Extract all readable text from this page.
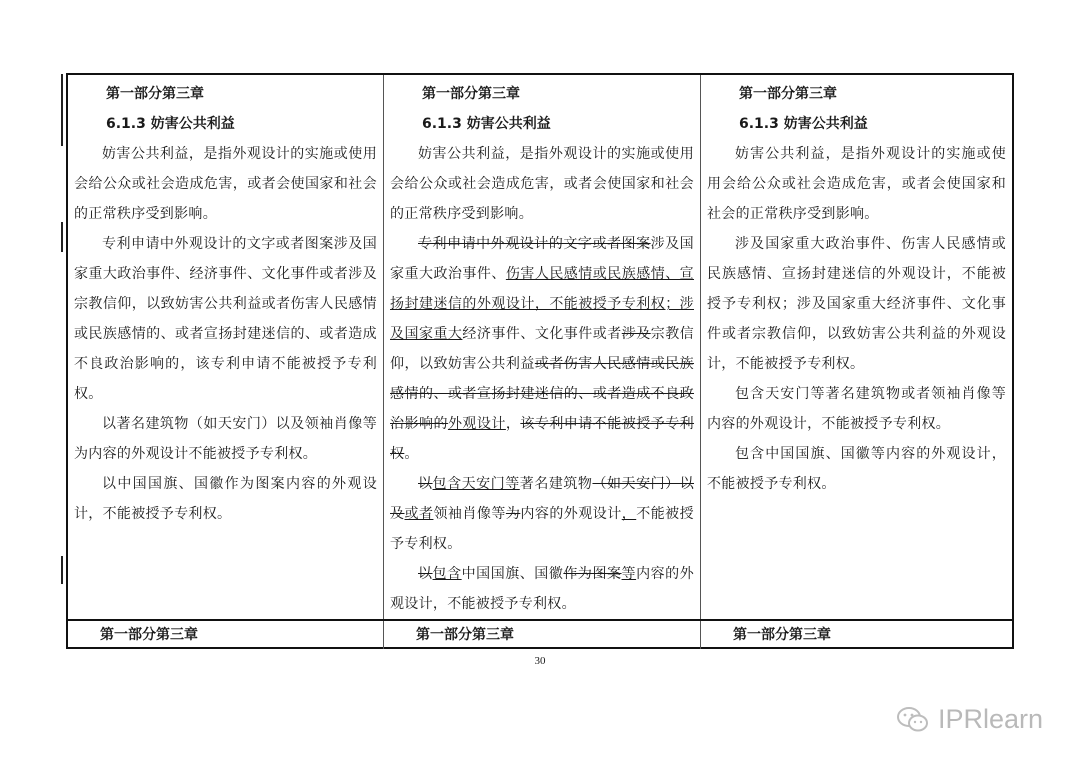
第一部分第三章
6.1.3 妨害公共利益

妨害公共利益，是指外观设计的实施或使用会给公众或社会造成危害，或者会使国家和社会的正常秩序受到影响。

专利申请中外观设计的文字或者图案涉及国家重大政治事件、经济事件、文化事件或者涉及宗教信仰，以致妨害公共利益或者伤害人民感情或民族感情的、或者宣扬封建迷信的、或者造成不良政治影响的，该专利申请不能被授予专利权。

以著名建筑物（如天安门）以及领袖肖像等为内容的外观设计不能被授予专利权。

以中国国旗、国徽作为图案内容的外观设计，不能被授予专利权。

第一部分第三章
6.1.3 妨害公共利益

妨害公共利益，是指外观设计的实施或使用会给公众或社会造成危害，或者会使国家和社会的正常秩序受到影响。

专利申请中外观设计的文字或者图案涉及国家重大政治事件、伤害人民感情或民族感情、宣扬封建迷信的外观设计，不能被授予专利权；涉及国家重大经济事件、文化事件或者涉及宗教信仰，以致妨害公共利益或者伤害人民感情或民族感情的、或者宣扬封建迷信的、或者造成不良政治影响的外观设计，该专利申请不能被授予专利权。

以包含天安门等著名建筑物（如天安门）以及或者领袖肖像等为内容的外观设计，不能被授予专利权。

以包含中国国旗、国徽作为图案等内容的外观设计，不能被授予专利权。

第一部分第三章
6.1.3 妨害公共利益

妨害公共利益，是指外观设计的实施或使用会给公众或社会造成危害，或者会使国家和社会的正常秩序受到影响。

涉及国家重大政治事件、伤害人民感情或民族感情、宣扬封建迷信的外观设计，不能被授予专利权；涉及国家重大经济事件、文化事件或者宗教信仰，以致妨害公共利益的外观设计，不能被授予专利权。

包含天安门等著名建筑物或者领袖肖像等内容的外观设计，不能被授予专利权。

包含中国国旗、国徽等内容的外观设计，不能被授予专利权。

第一部分第三章	第一部分第三章	第一部分第三章
30
IPRlearn
